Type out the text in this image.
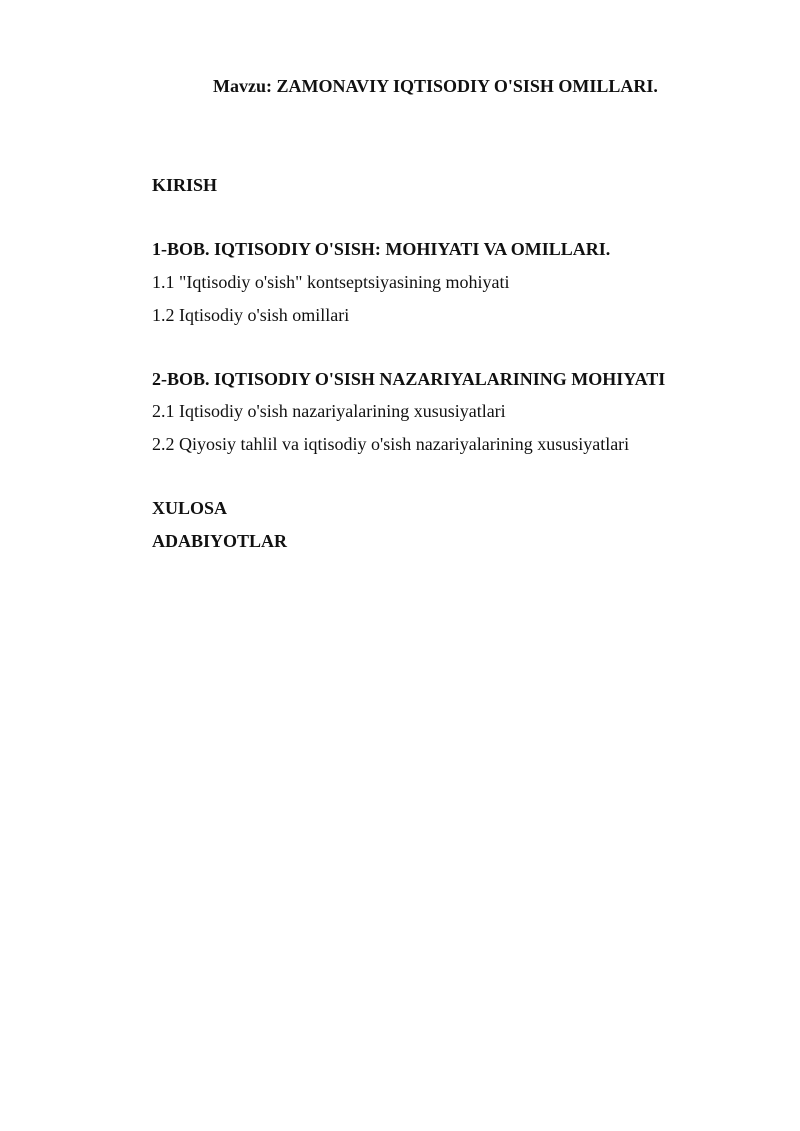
Mavzu: ZAMONAVIY IQTISODIY O'SISH OMILLARI.
KIRISH
1-BOB. IQTISODIY O'SISH: MOHIYATI VA OMILLARI.
1.1 "Iqtisodiy o'sish" kontseptsiyasining mohiyati
1.2 Iqtisodiy o'sish omillari
2-BOB. IQTISODIY O'SISH NAZARIYALARINING MOHIYATI
2.1 Iqtisodiy o'sish nazariyalarining xususiyatlari
2.2 Qiyosiy tahlil va iqtisodiy o'sish nazariyalarining xususiyatlari
XULOSA
ADABIYOTLAR
